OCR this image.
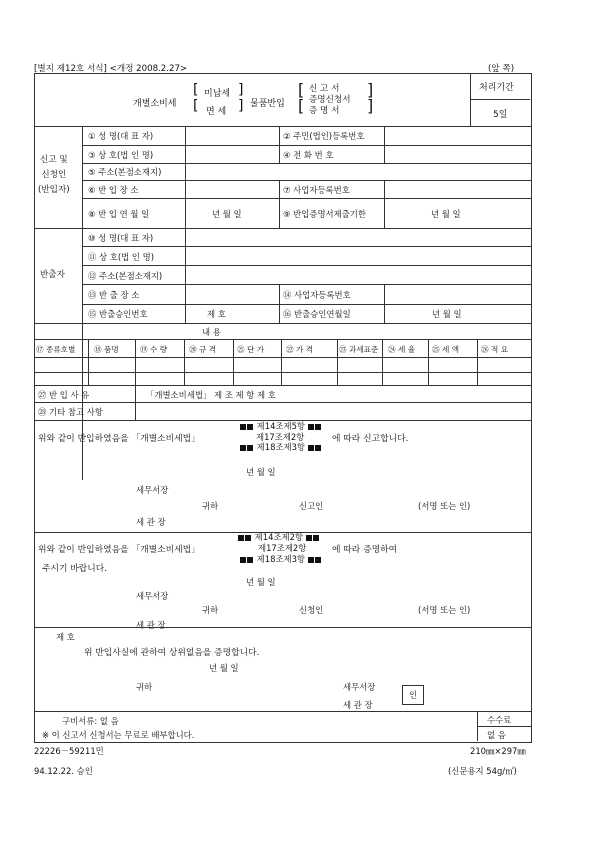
[별지 제12호 서식] <개정 2008.2.27>	(앞 쪽)
개별소비세
[
[
미납세
면 세
]
] 물품반입
[
[
신 고 서
증명신청서
증 명 서
]
]
처리기간
5일
신고 및
신청인
(반입자)
① 성 명(대 표 자)	② 주민(법인)등록번호
③ 상 호(법 인 명)	④ 전 화 번 호
⑤ 주소(본점소재지)
⑥ 반 입 장 소	⑦ 사업자등록번호
⑧ 반 입 연 월 일	년 월 일	⑨ 반입증명서제출기한	년 월 일
반출자
⑩ 성 명(대 표 자)
⑪ 상 호(법 인 명)
⑫ 주소(본점소재지)
⑬ 반 출 장 소	⑭ 사업자등록번호
⑮ 반출승인번호	제 호	⑯ 반출승인연월일	년 월 일
내 용
⑰ 종류호별 ⑱ 품명	⑲ 수 량	⑳ 규 격	㉑ 단 가	㉒ 가 격	㉓ 과세표준 ㉔ 세 율 ㉕ 세 액	㉖ 적 요
㉗ 반 입 사 유	「개별소비세법」 제 조 제 항 제 호
㉘ 기타 참고 사항
위와 같이 반입하였음을 「개별소비세법」
제14조제5항
제17조제2항
제18조제3항
에 따라 신고합니다.
년 월 일
세무서장
귀하	신고인	(서명 또는 인)
세 관 장
제14조제2항
위와 같이 반입하였음을 「개별소비세법」	제17조제2항	에 따라 증명하여
제18조제3항
주시기 바랍니다.
년 월 일
세무서장
귀하	신청인	(서명 또는 인)
세 관 장
제 호
위 반입사실에 관하여 상위없음을 증명합니다.
년 월 일
귀하	세무서장
세 관 장
인
구비서류: 없 음	수수료
없 음
※ 이 신고서 신청서는 무료로 배부합니다.
22226－59211민	210㎜×297㎜
94.12.22. 승인	(신문용지 54g/㎡)
